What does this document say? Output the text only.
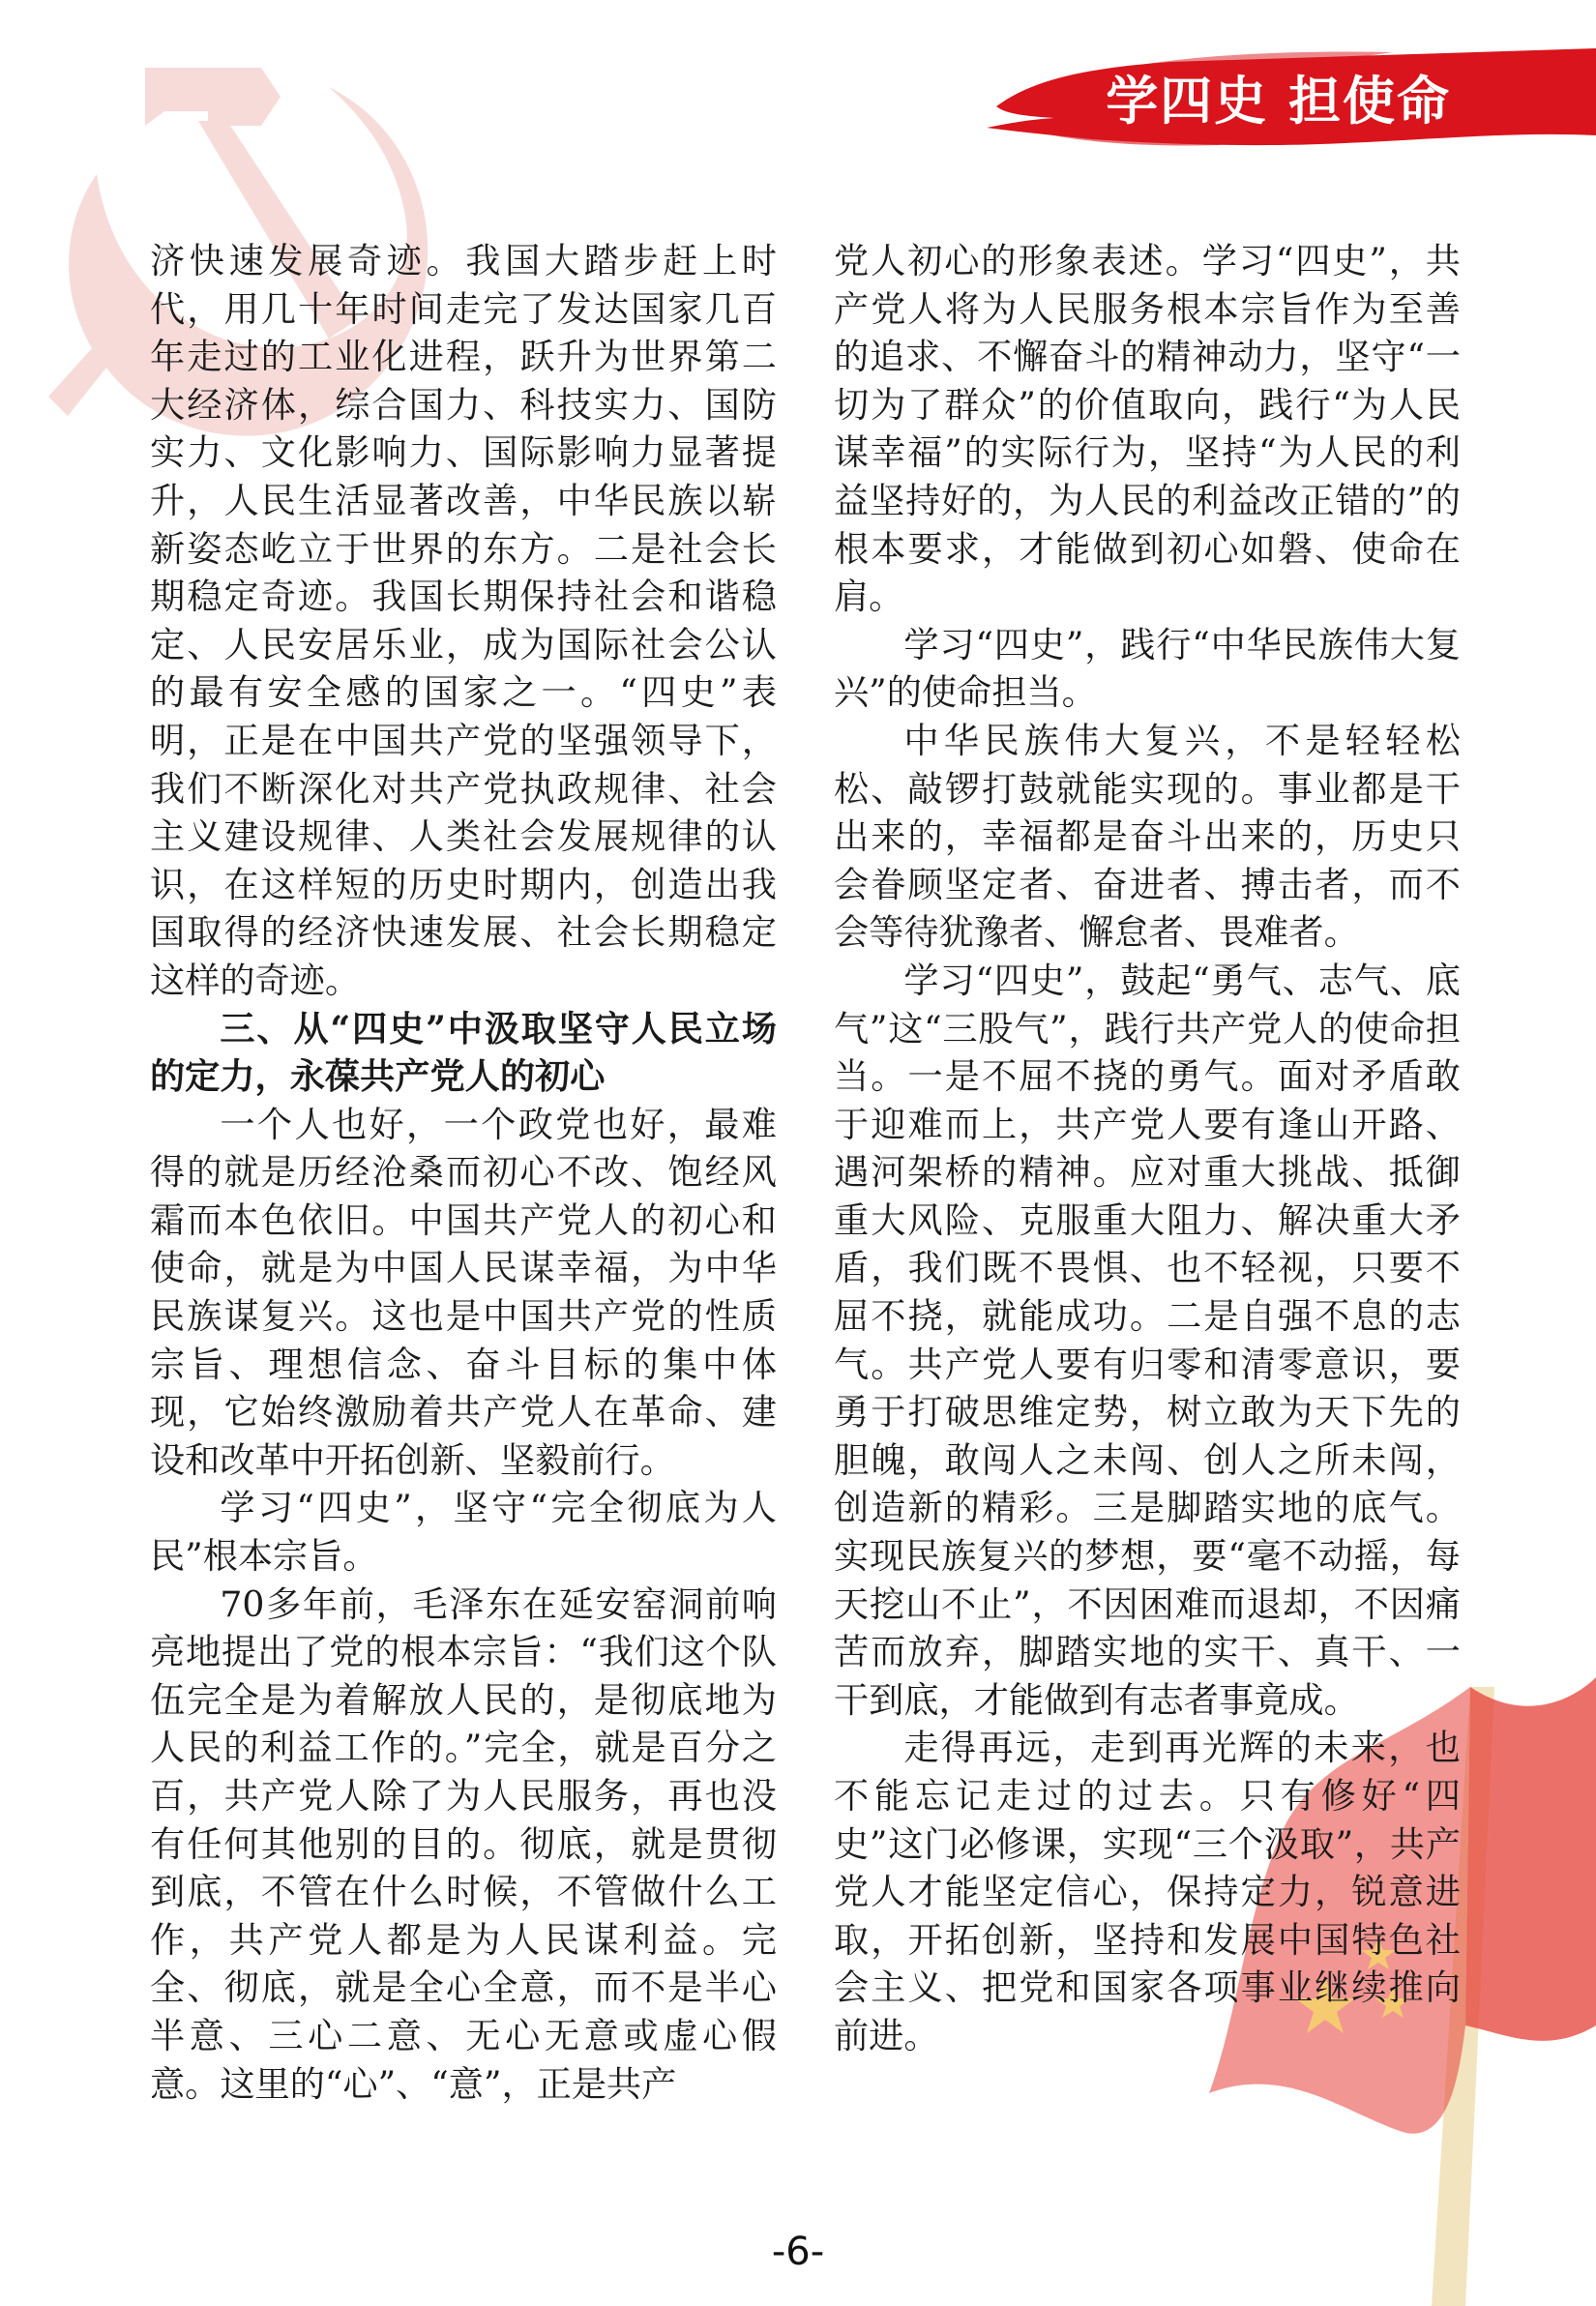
学四史 担使命

济快速发展奇迹。我国大踏步赶上时代，用几十年时间走完了发达国家几百年走过的工业化进程，跃升为世界第二大经济体，综合国力、科技实力、国防实力、文化影响力、国际影响力显著提升，人民生活显著改善，中华民族以崭新姿态屹立于世界的东方。二是社会长期稳定奇迹。我国长期保持社会和谐稳定、人民安居乐业，成为国际社会公认的最有安全感的国家之一。“四史”表明，正是在中国共产党的坚强领导下，我们不断深化对共产党执政规律、社会主义建设规律、人类社会发展规律的认识，在这样短的历史时期内，创造出我国取得的经济快速发展、社会长期稳定这样的奇迹。

三、从“四史”中汲取坚守人民立场的定力，永葆共产党人的初心

一个人也好，一个政党也好，最难得的就是历经沧桑而初心不改、饱经风霜而本色依旧。中国共产党人的初心和使命，就是为中国人民谋幸福，为中华民族谋复兴。这也是中国共产党的性质宗旨、理想信念、奋斗目标的集中体现，它始终激励着共产党人在革命、建设和改革中开拓创新、坚毅前行。

学习“四史”，坚守“完全彻底为人民”根本宗旨。

70多年前，毛泽东在延安窑洞前响亮地提出了党的根本宗旨：“我们这个队伍完全是为着解放人民的，是彻底地为人民的利益工作的。”完全，就是百分之百，共产党人除了为人民服务，再也没有任何其他别的目的。彻底，就是贯彻到底，不管在什么时候，不管做什么工作，共产党人都是为人民谋利益。完全、彻底，就是全心全意，而不是半心半意、三心二意、无心无意或虚心假意。这里的“心”、“意”，正是共产

党人初心的形象表述。学习“四史”，共产党人将为人民服务根本宗旨作为至善的追求、不懈奋斗的精神动力，坚守“一切为了群众”的价值取向，践行“为人民谋幸福”的实际行为，坚持“为人民的利益坚持好的，为人民的利益改正错的”的根本要求，才能做到初心如磐、使命在肩。

学习“四史”，践行“中华民族伟大复兴”的使命担当。

中华民族伟大复兴，不是轻轻松松、敲锣打鼓就能实现的。事业都是干出来的，幸福都是奋斗出来的，历史只会眷顾坚定者、奋进者、搏击者，而不会等待犹豫者、懈怠者、畏难者。

学习“四史”，鼓起“勇气、志气、底气”这“三股气”，践行共产党人的使命担当。一是不屈不挠的勇气。面对矛盾敢于迎难而上，共产党人要有逢山开路、遇河架桥的精神。应对重大挑战、抵御重大风险、克服重大阻力、解决重大矛盾，我们既不畏惧、也不轻视，只要不屈不挠，就能成功。二是自强不息的志气。共产党人要有归零和清零意识，要勇于打破思维定势，树立敢为天下先的胆魄，敢闯人之未闯、创人之所未闯，创造新的精彩。三是脚踏实地的底气。实现民族复兴的梦想，要“毫不动摇，每天挖山不止”，不因困难而退却，不因痛苦而放弃，脚踏实地的实干、真干、一干到底，才能做到有志者事竟成。

走得再远，走到再光辉的未来，也不能忘记走过的过去。只有修好“四史”这门必修课，实现“三个汲取”，共产党人才能坚定信心，保持定力，锐意进取，开拓创新，坚持和发展中国特色社会主义、把党和国家各项事业继续推向前进。

-6-
